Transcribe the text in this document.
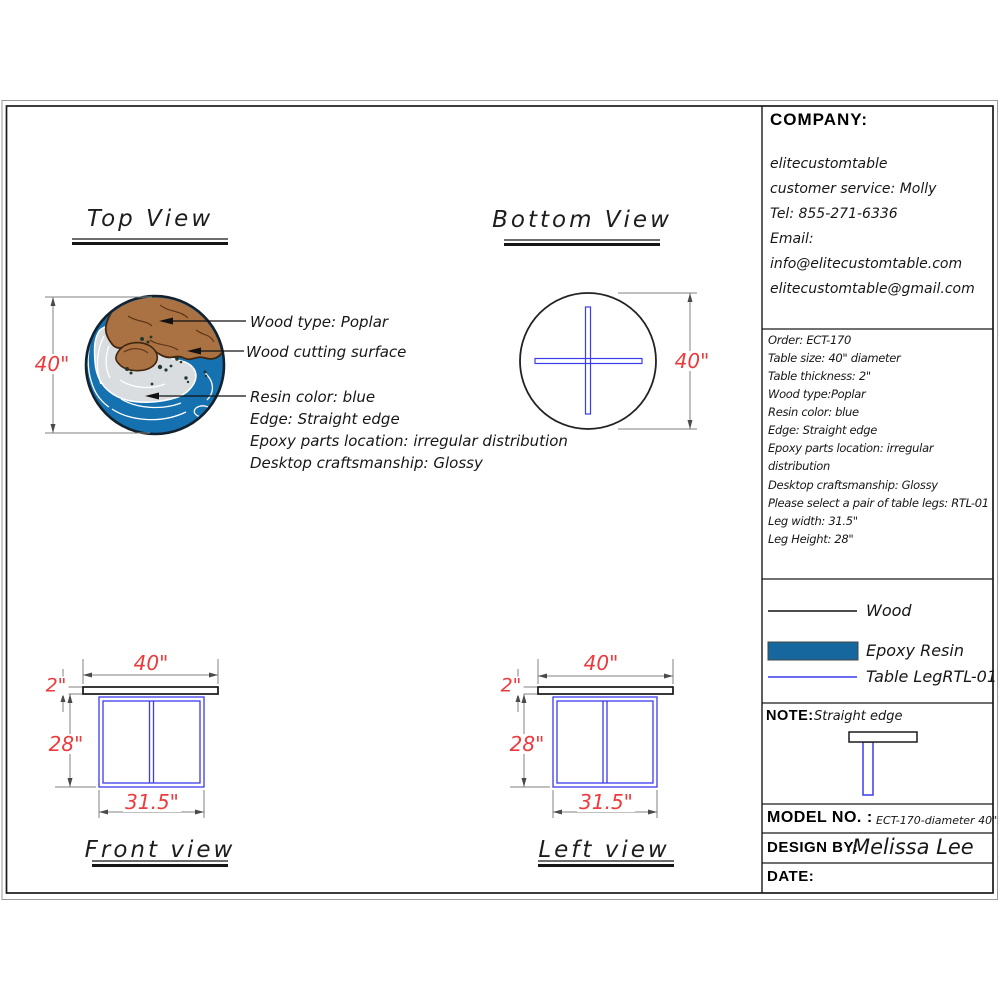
Top View	Bottom View
Front view	Left view
Wood type: Poplar
Wood cutting surface
Resin color: blue
Edge: Straight edge
Epoxy parts location: irregular distribution
Desktop craftsmanship: Glossy
40"	40"
40"
2"
28"
31.5"
40"
2"
28"
31.5"
COMPANY:
elitecustomtable
customer service: Molly
Tel: 855-271-6336
Email:
info@elitecustomtable.com
elitecustomtable@gmail.com
Order: ECT-170
Table size: 40" diameter
Table thickness: 2"
Wood type:Poplar
Resin color: blue
Edge: Straight edge
Epoxy parts location: irregular
distribution
Desktop craftsmanship: Glossy
Please select a pair of table legs: RTL-01
Leg width: 31.5"
Leg Height: 28"
Wood
Epoxy Resin
Table LegRTL-01
NOTE: Straight edge
MODEL NO. : ECT-170-diameter 40"
DESIGN BY:
Melissa Lee
DATE:
